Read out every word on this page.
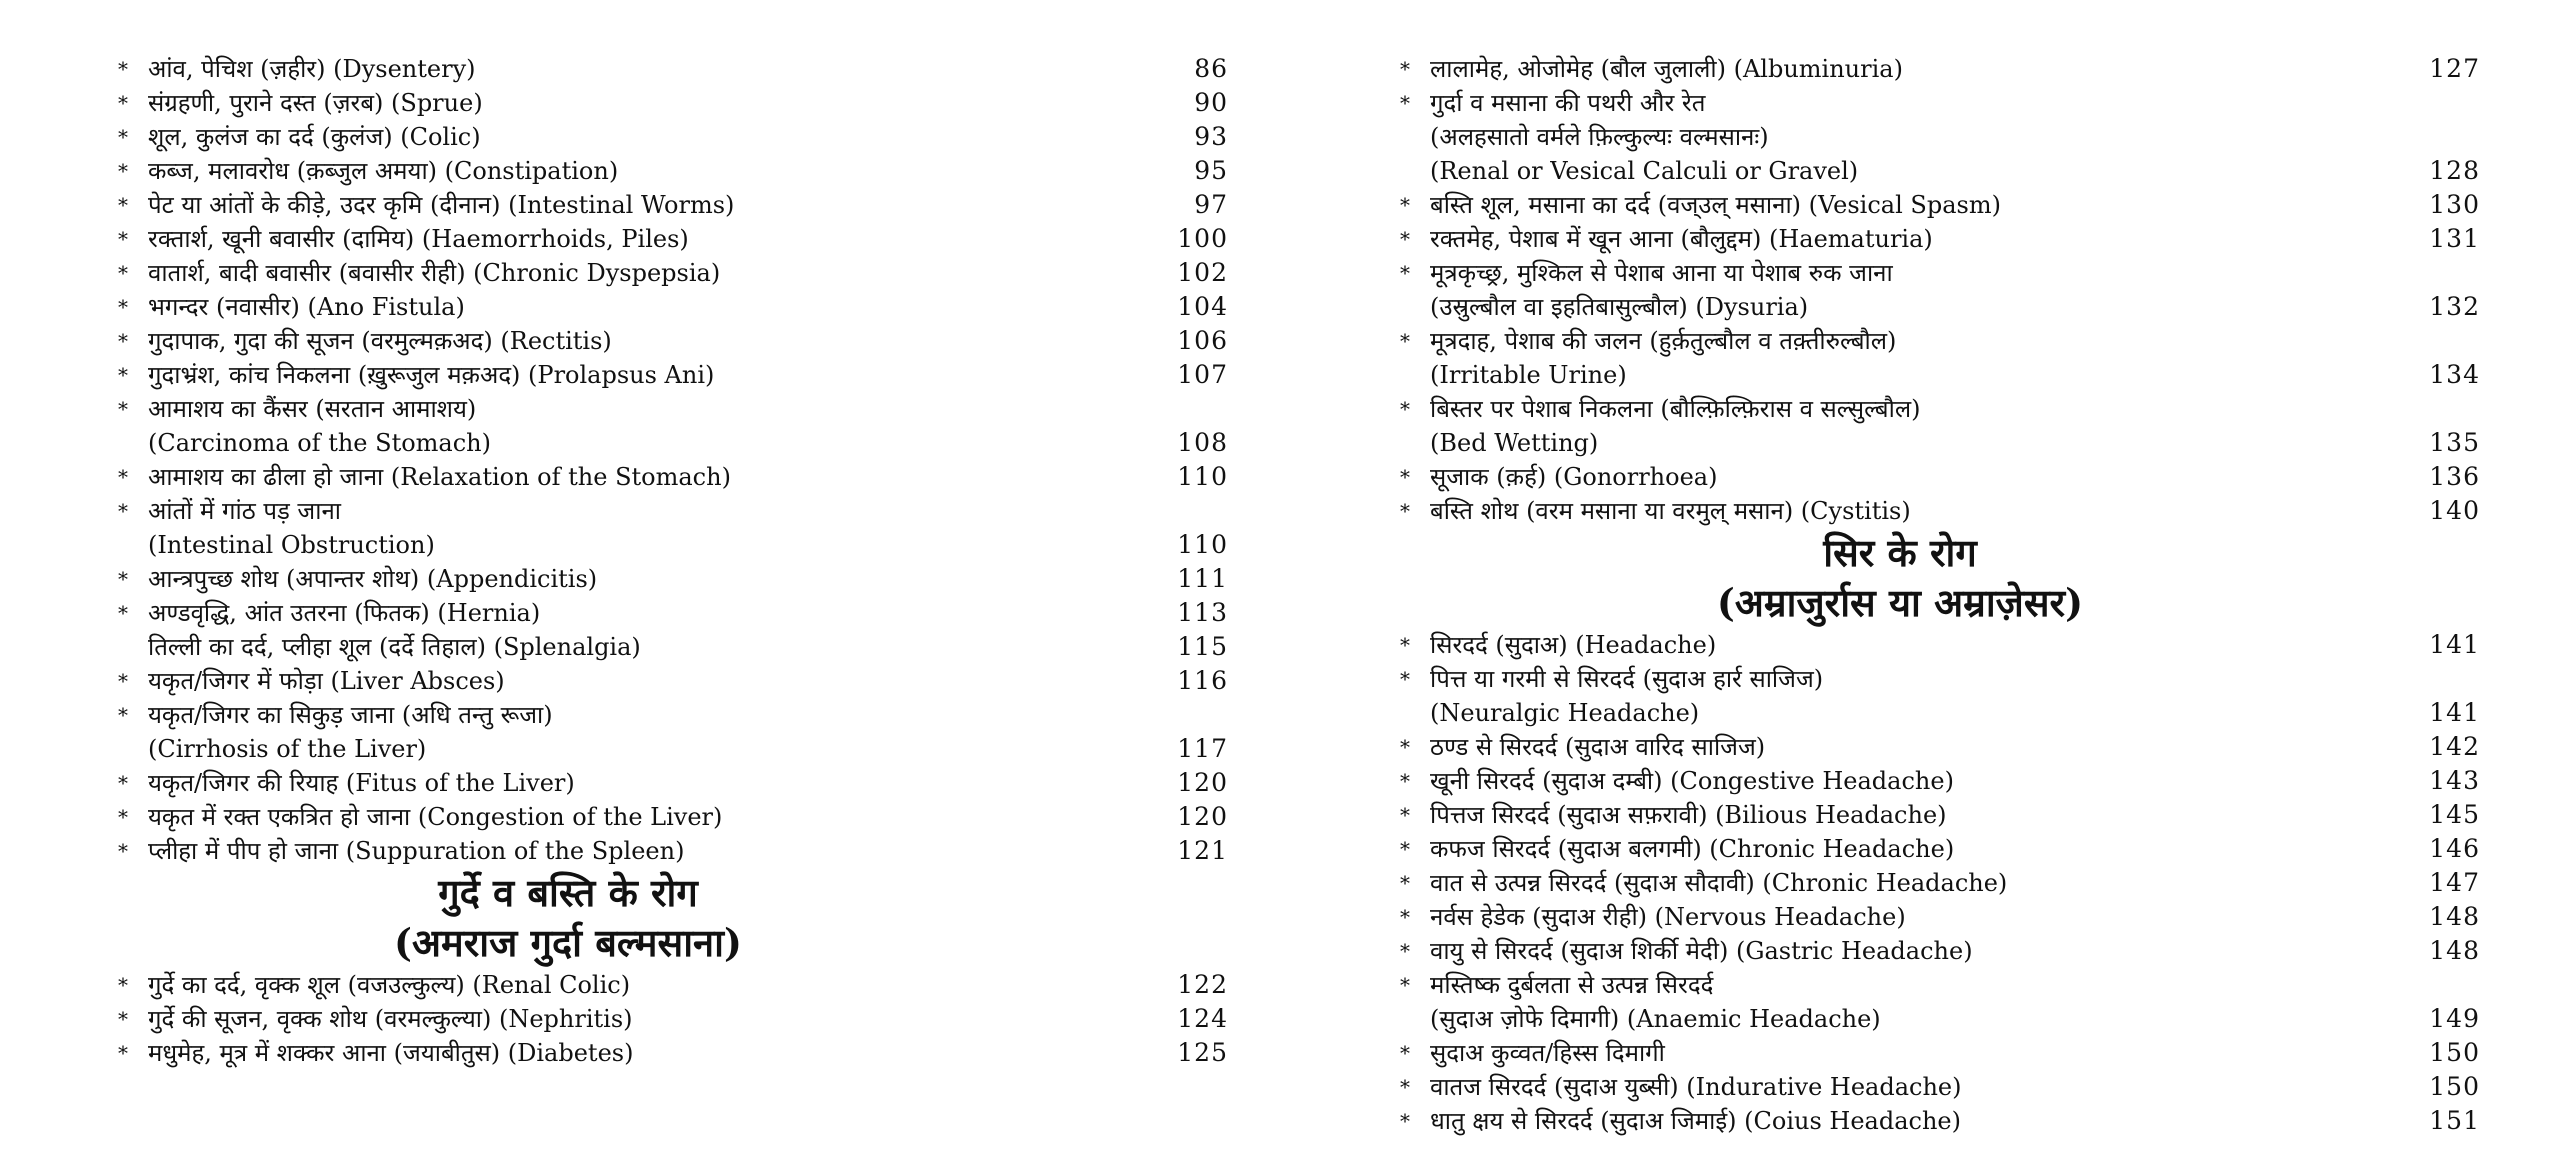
* आंव, पेचिश (ज़हीर) (Dysentery)	86
* संग्रहणी, पुराने दस्त (ज़रब) (Sprue)	90
* शूल, कुलंज का दर्द (कुलंज) (Colic)	93
* कब्ज, मलावरोध (क़ब्जुल अमया) (Constipation)	95
* पेट या आंतों के कीड़े, उदर कृमि (दीनान) (Intestinal Worms)	97
* रक्तार्श, खूनी बवासीर (दामिय) (Haemorrhoids, Piles)	100
* वातार्श, बादी बवासीर (बवासीर रीही) (Chronic Dyspepsia)	102
* भगन्दर (नवासीर) (Ano Fistula)	104
* गुदापाक, गुदा की सूजन (वरमुल्मक़अद) (Rectitis)	106
* गुदाभ्रंश, कांच निकलना (ख़ुरूजुल मक़अद) (Prolapsus Ani)	107
* आमाशय का कैंसर (सरतान आमाशय)
(Carcinoma of the Stomach)	108
* आमाशय का ढीला हो जाना (Relaxation of the Stomach)	110
* आंतों में गांठ पड़ जाना
(Intestinal Obstruction)	110
* आन्त्रपुच्छ शोथ (अपान्तर शोथ) (Appendicitis)	111
* अण्डवृद्धि, आंत उतरना (फितक) (Hernia)	113
तिल्ली का दर्द, प्लीहा शूल (दर्दे तिहाल) (Splenalgia)	115
* यकृत/जिगर में फोड़ा (Liver Absces)	116
* यकृत/जिगर का सिकुड़ जाना (अधि तन्तु रूजा)
(Cirrhosis of the Liver)	117
* यकृत/जिगर की रियाह (Fitus of the Liver)	120
* यकृत में रक्त एकत्रित हो जाना (Congestion of the Liver)	120
* प्लीहा में पीप हो जाना (Suppuration of the Spleen)	121
गुर्दे व बस्ति के रोग
(अमराज गुर्दा बल्मसाना)
* गुर्दे का दर्द, वृक्क शूल (वजउल्कुल्य) (Renal Colic)	122
* गुर्दे की सूजन, वृक्क शोथ (वरमल्कुल्या) (Nephritis)	124
* मधुमेह, मूत्र में शक्कर आना (जयाबीतुस) (Diabetes)	125
* लालामेह, ओजोमेह (बौल जुलाली) (Albuminuria)	127
* गुर्दा व मसाना की पथरी और रेत
(अलहसातो वर्मले फ़िल्कुल्यः वल्मसानः)
(Renal or Vesical Calculi or Gravel)	128
* बस्ति शूल, मसाना का दर्द (वज्उल् मसाना) (Vesical Spasm)	130
* रक्तमेह, पेशाब में खून आना (बौलुद्दम) (Haematuria)	131
* मूत्रकृच्छ्र, मुश्किल से पेशाब आना या पेशाब रुक जाना
(उस्रुल्बौल वा इहतिबासुल्बौल) (Dysuria)	132
* मूत्रदाह, पेशाब की जलन (हुर्क़तुल्बौल व तक़्तीरुल्बौल)
(Irritable Urine)	134
* बिस्तर पर पेशाब निकलना (बौल्फ़िल्फ़िरास व सल्सुल्बौल)
(Bed Wetting)	135
* सूजाक (क़र्ह) (Gonorrhoea)	136
* बस्ति शोथ (वरम मसाना या वरमुल् मसान) (Cystitis)	140
सिर के रोग
(अम्राजुर्रास या अम्राज़ेसर)
* सिरदर्द (सुदाअ) (Headache)	141
* पित्त या गरमी से सिरदर्द (सुदाअ हार्र साजिज)
(Neuralgic Headache)	141
* ठण्ड से सिरदर्द (सुदाअ वारिद साजिज)	142
* खूनी सिरदर्द (सुदाअ दम्बी) (Congestive Headache)	143
* पित्तज सिरदर्द (सुदाअ सफ़रावी) (Bilious Headache)	145
* कफज सिरदर्द (सुदाअ बलगमी) (Chronic Headache)	146
* वात से उत्पन्न सिरदर्द (सुदाअ सौदावी) (Chronic Headache)	147
* नर्वस हेडेक (सुदाअ रीही) (Nervous Headache)	148
* वायु से सिरदर्द (सुदाअ शिर्की मेदी) (Gastric Headache)	148
* मस्तिष्क दुर्बलता से उत्पन्न सिरदर्द
(सुदाअ ज़ोफे दिमागी) (Anaemic Headache)	149
* सुदाअ कुव्वत/हिस्स दिमागी	150
* वातज सिरदर्द (सुदाअ युब्सी) (Indurative Headache)	150
* धातु क्षय से सिरदर्द (सुदाअ जिमाई) (Coius Headache)	151
